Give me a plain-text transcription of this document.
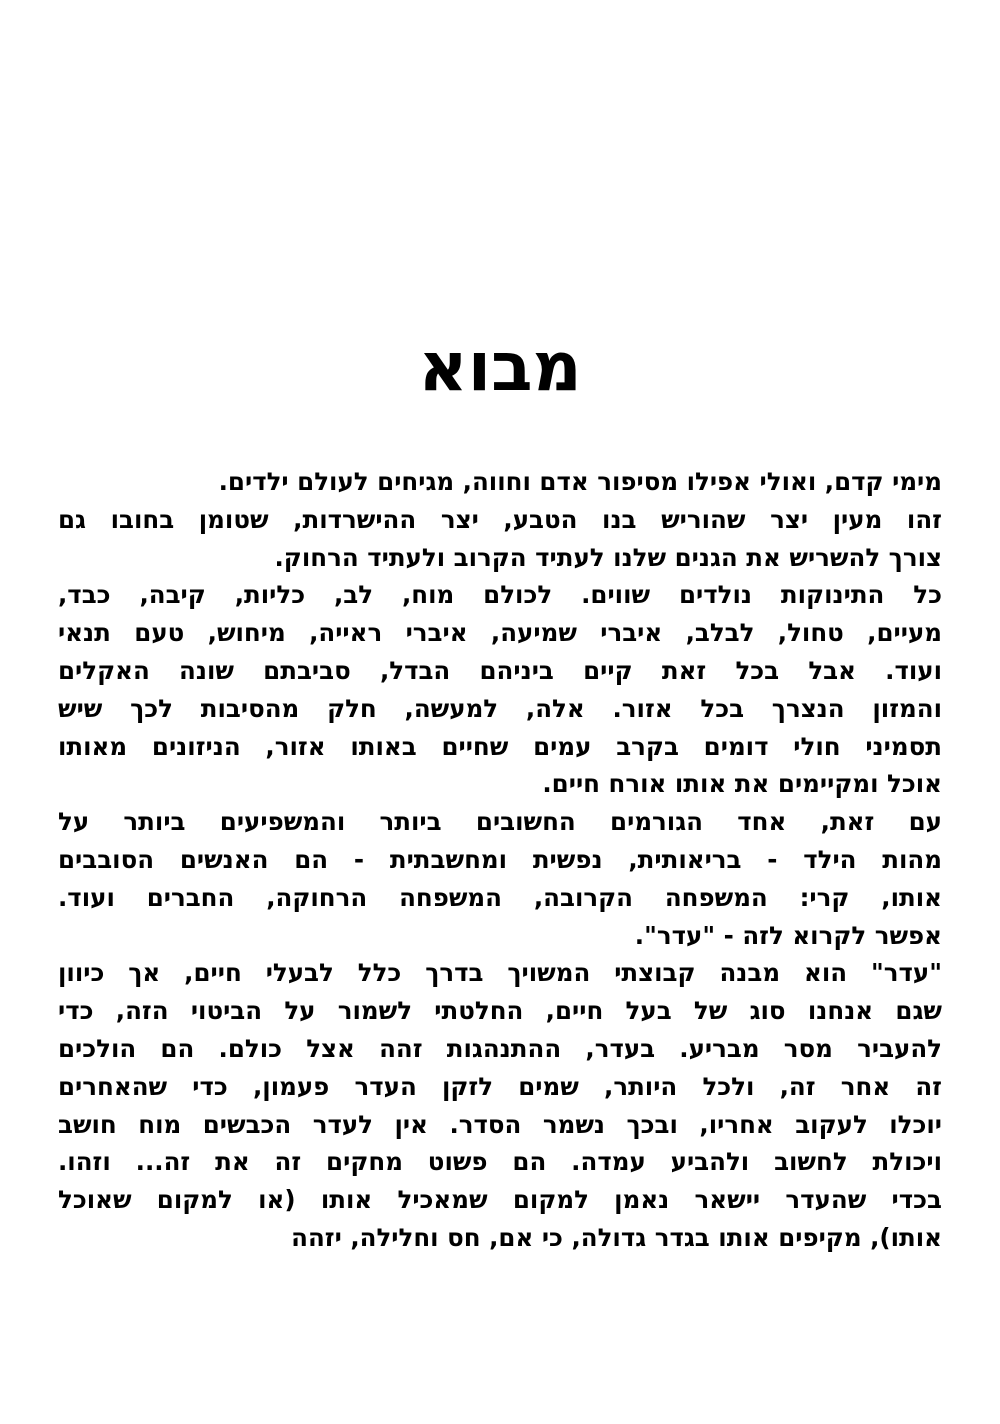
מבוא
מימי קדם, ואולי אפילו מסיפור אדם וחווה, מגיחים לעולם ילדים.
זהו מעין יצר שהוריש בנו הטבע, יצר ההישרדות, שטומן בחובו גם
צורך להשריש את הגנים שלנו לעתיד הקרוב ולעתיד הרחוק.
כל התינוקות נולדים שווים. לכולם מוח, לב, כליות, קיבה, כבד,
מעיים, טחול, לבלב, איברי שמיעה, איברי ראייה, מיחוש, טעם תנאי
ועוד. אבל בכל זאת קיים ביניהם הבדל, סביבתם שונה האקלים
והמזון הנצרך בכל אזור. אלה, למעשה, חלק מהסיבות לכך שיש
תסמיני חולי דומים בקרב עמים שחיים באותו אזור, הניזונים מאותו
אוכל ומקיימים את אותו אורח חיים.
עם זאת, אחד הגורמים החשובים ביותר והמשפיעים ביותר על
מהות הילד - בריאותית, נפשית ומחשבתית - הם האנשים הסובבים
אותו, קרי: המשפחה הקרובה, המשפחה הרחוקה, החברים ועוד.
אפשר לקרוא לזה - "עדר".
"עדר" הוא מבנה קבוצתי המשויך בדרך כלל לבעלי חיים, אך כיוון
שגם אנחנו סוג של בעל חיים, החלטתי לשמור על הביטוי הזה, כדי
להעביר מסר מבריע. בעדר, ההתנהגות זהה אצל כולם. הם הולכים
זה אחר זה, ולכל היותר, שמים לזקן העדר פעמון, כדי שהאחרים
יוכלו לעקוב אחריו, ובכך נשמר הסדר. אין לעדר הכבשים מוח חושב
ויכולת לחשוב ולהביע עמדה. הם פשוט מחקים זה את זה... וזהו.
בכדי שהעדר יישאר נאמן למקום שמאכיל אותו (או למקום שאוכל
אותו), מקיפים אותו בגדר גדולה, כי אם, חס וחלילה, יזהה
